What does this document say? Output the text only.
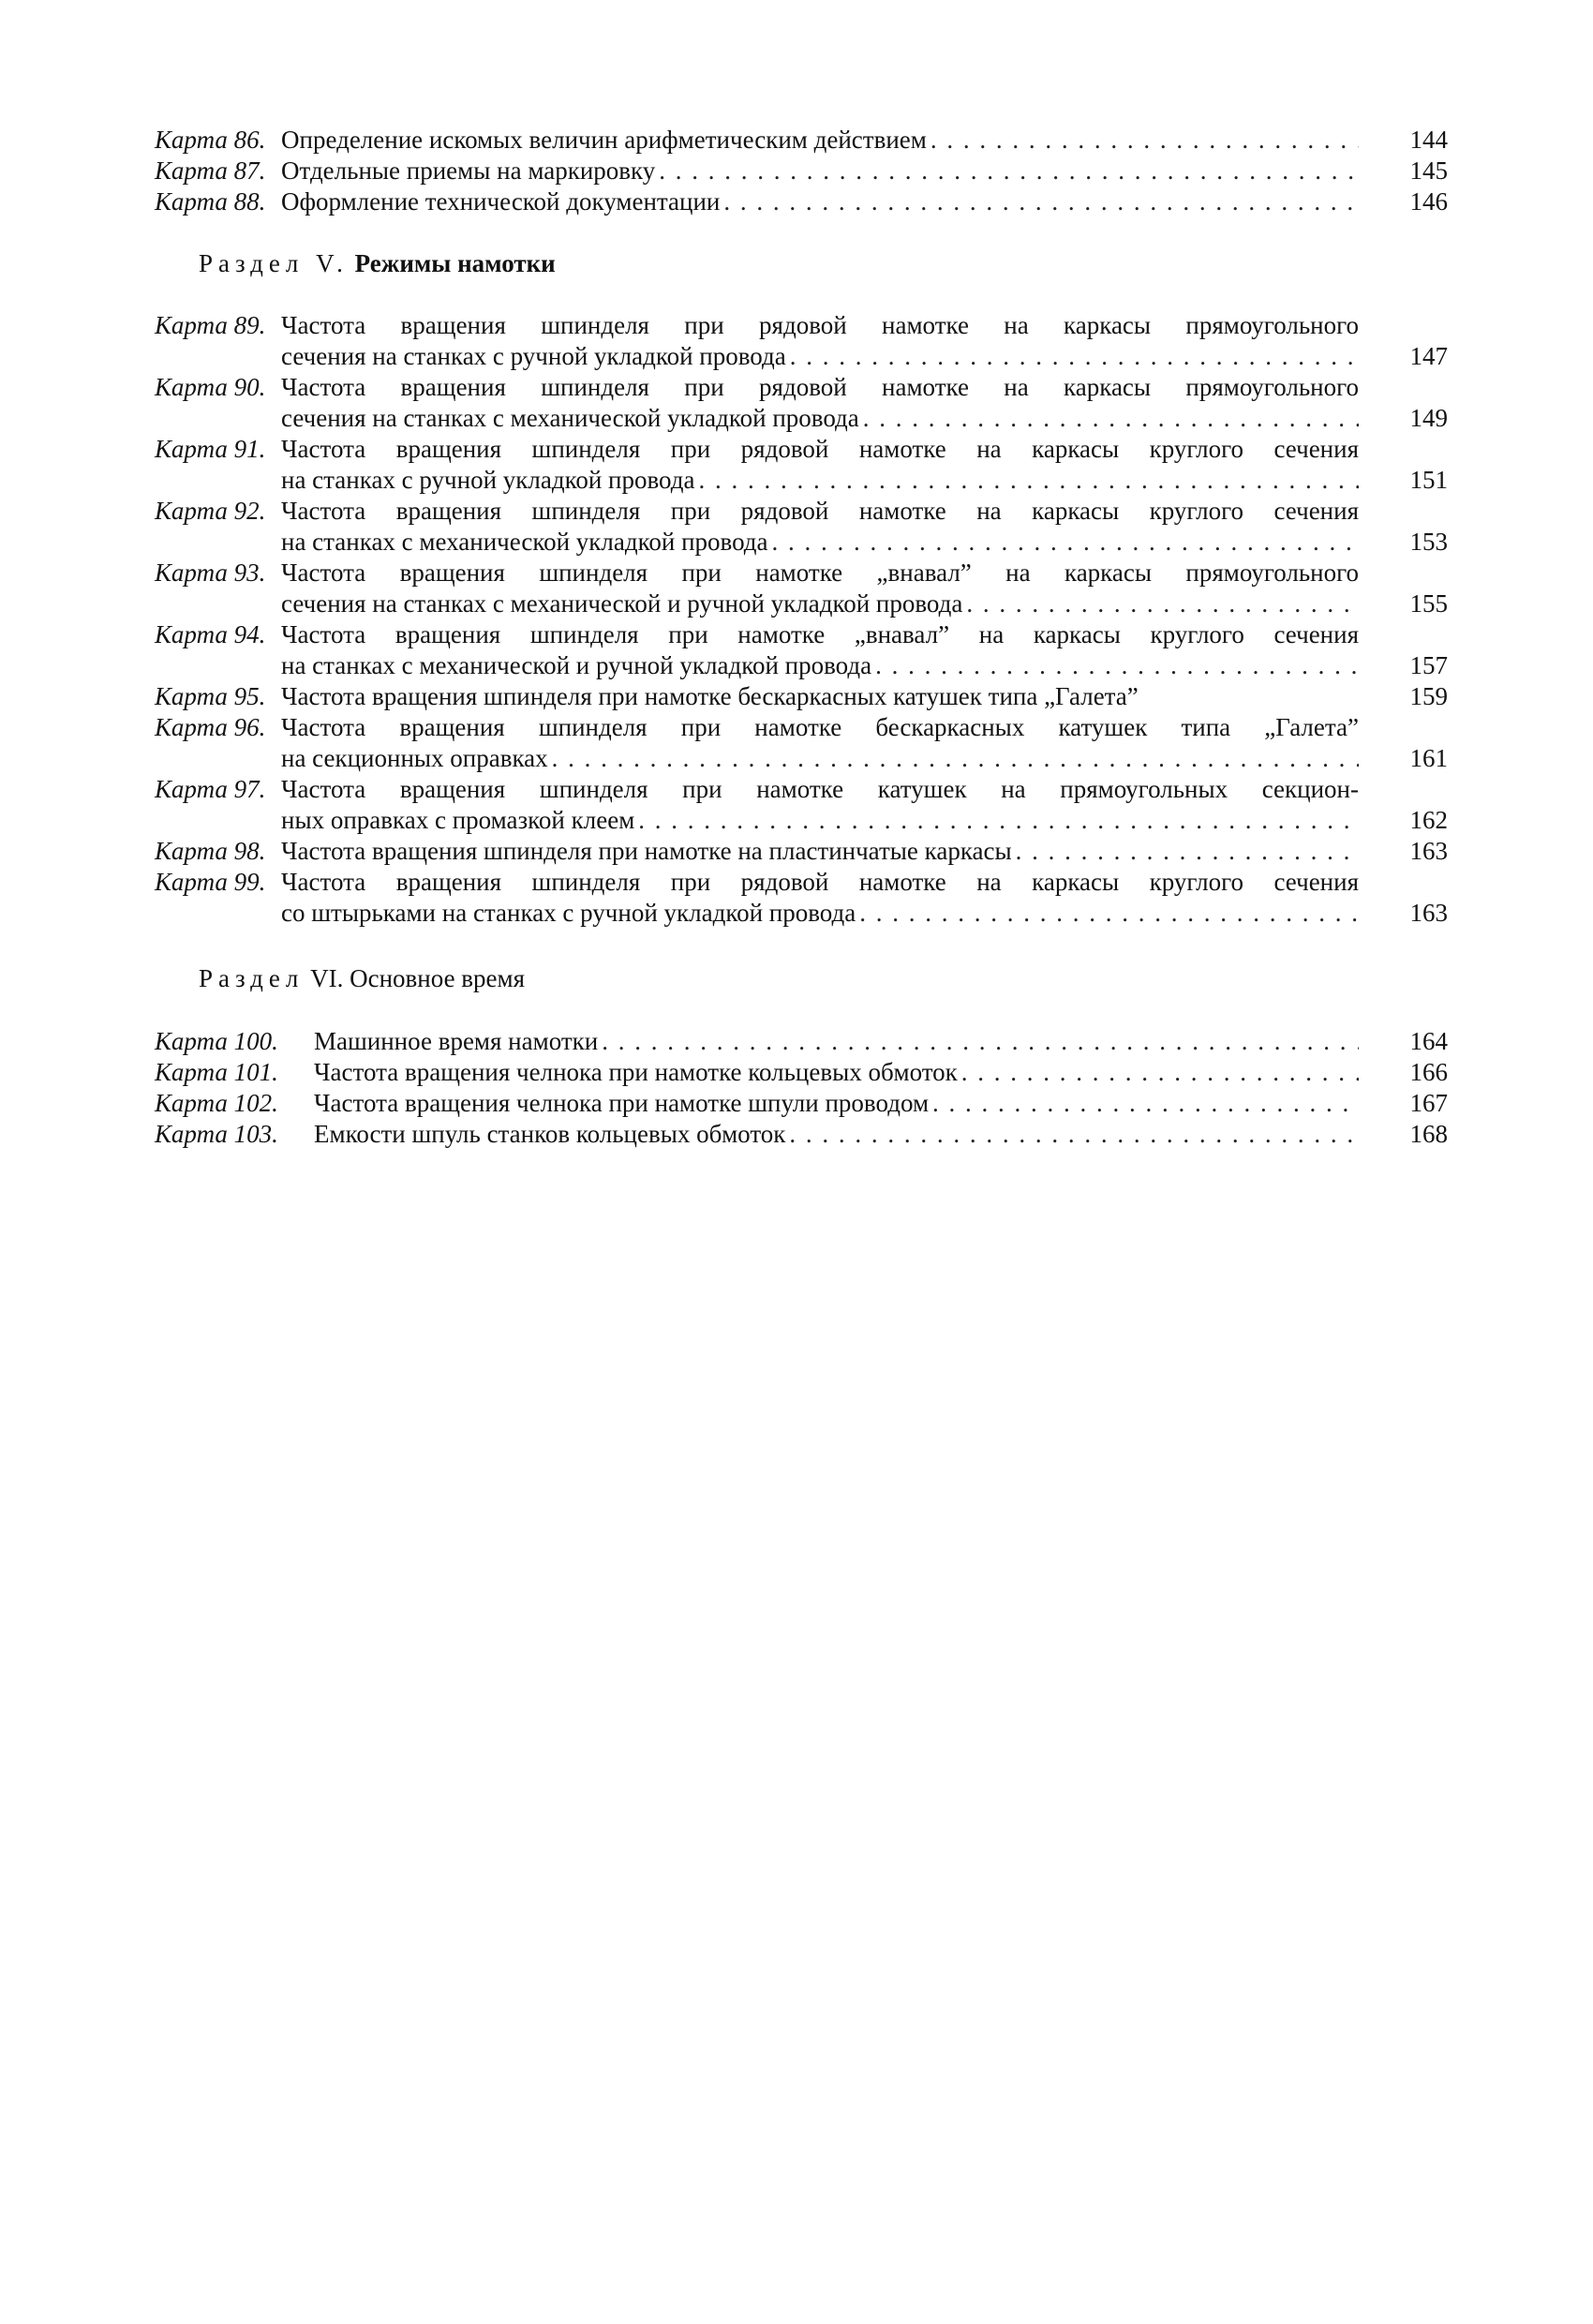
Карта 86. Определение искомых величин арифметическим действием . . .	144
Карта 87. Отдельные приемы на маркировку . . .	145
Карта 88. Оформление технической документации . . .	146
Раздел V. Режимы намотки
Карта 89. Частота вращения шпинделя при рядовой намотке на каркасы прямоугольного
сечения на станках с ручной укладкой провода . . .	147
Карта 90. Частота вращения шпинделя при рядовой намотке на каркасы прямоугольного
сечения на станках с механической укладкой провода . . .	149
Карта 91. Частота вращения шпинделя при рядовой намотке на каркасы круглого сечения
на станках с ручной укладкой провода . . .	151
Карта 92. Частота вращения шпинделя при рядовой намотке на каркасы круглого сечения
на станках с механической укладкой провода . . .	153
Карта 93. Частота вращения шпинделя при намотке „внавал” на каркасы прямоугольного
сечения на станках с механической и ручной укладкой провода . . .	155
Карта 94. Частота вращения шпинделя при намотке „внавал” на каркасы круглого сечения
на станках с механической и ручной укладкой провода . . .	157
Карта 95. Частота вращения шпинделя при намотке бескаркасных катушек типа „Галета”	159
Карта 96. Частота вращения шпинделя при намотке бескаркасных катушек типа „Галета”
на секционных оправках . . .	161
Карта 97. Частота вращения шпинделя при намотке катушек на прямоугольных секцион-
ных оправках с промазкой клеем . . .	162
Карта 98. Частота вращения шпинделя при намотке на пластинчатые каркасы . . .	163
Карта 99. Частота вращения шпинделя при рядовой намотке на каркасы круглого сечения
со штырьками на станках с ручной укладкой провода . . .	163
Раздел VI. Основное время
Карта 100. Машинное время намотки . . .	164
Карта 101. Частота вращения челнока при намотке кольцевых обмоток . . .	166
Карта 102. Частота вращения челнока при намотке шпули проводом . . .	167
Карта 103. Емкости шпуль станков кольцевых обмоток . . .	168
